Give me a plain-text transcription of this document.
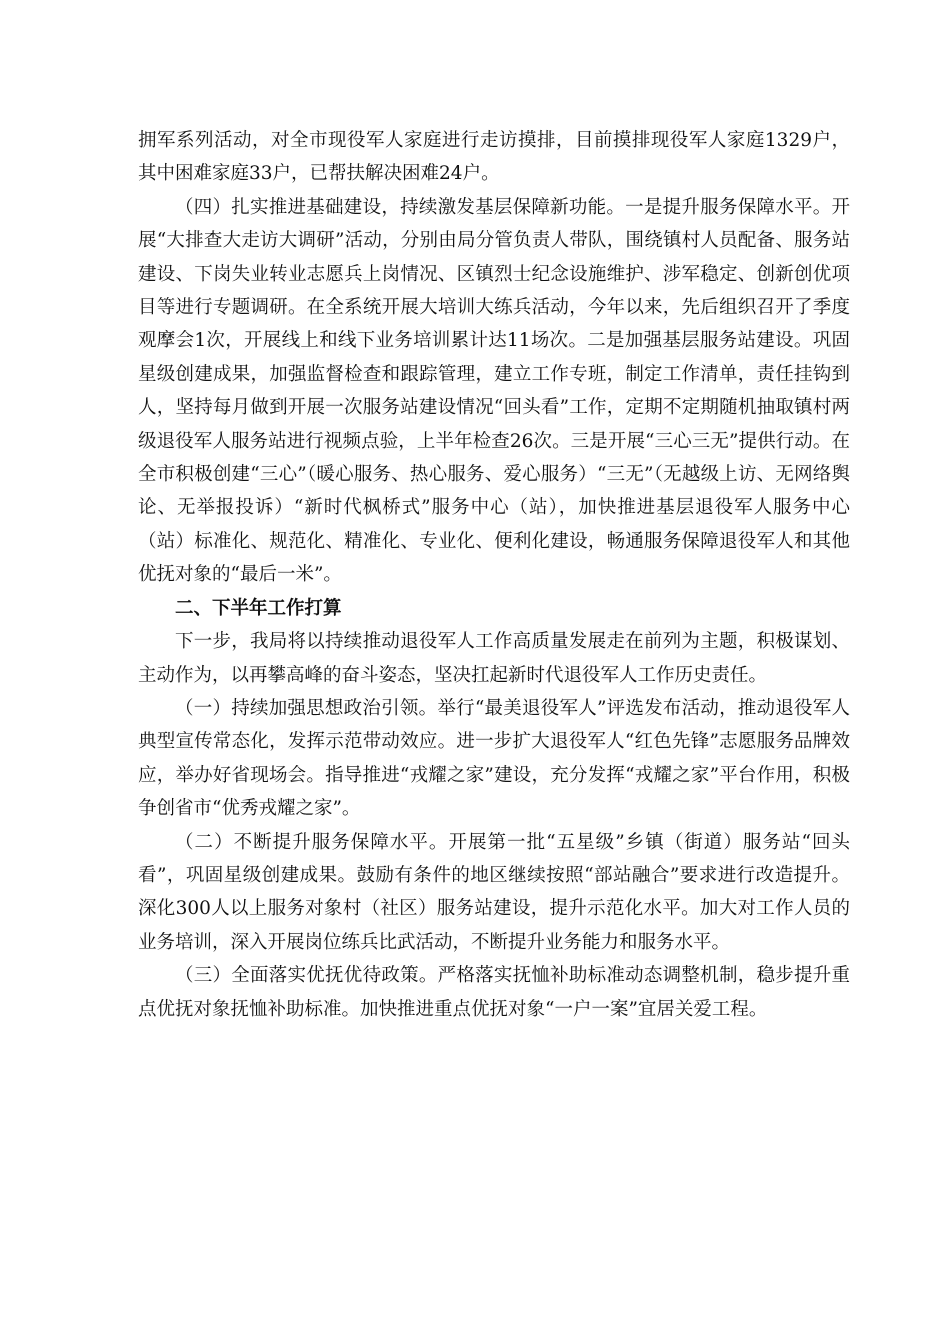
拥军系列活动，对全市现役军人家庭进行走访摸排，目前摸排现役军人家庭1329户，其中困难家庭33户，已帮扶解决困难24户。

（四）扎实推进基础建设，持续激发基层保障新功能。一是提升服务保障水平。开展“大排查大走访大调研”活动，分别由局分管负责人带队，围绕镇村人员配备、服务站建设、下岗失业转业志愿兵上岗情况、区镇烈士纪念设施维护、涉军稳定、创新创优项目等进行专题调研。在全系统开展大培训大练兵活动，今年以来，先后组织召开了季度观摩会1次，开展线上和线下业务培训累计达11场次。二是加强基层服务站建设。巩固星级创建成果，加强监督检查和跟踪管理，建立工作专班，制定工作清单，责任挂钩到人，坚持每月做到开展一次服务站建设情况“回头看”工作，定期不定期随机抽取镇村两级退役军人服务站进行视频点验，上半年检查26次。三是开展“三心三无”提供行动。在全市积极创建“三心”（暖心服务、热心服务、爱心服务）“三无”（无越级上访、无网络舆论、无举报投诉）“新时代枫桥式”服务中心（站），加快推进基层退役军人服务中心（站）标准化、规范化、精准化、专业化、便利化建设，畅通服务保障退役军人和其他优抚对象的“最后一米”。

二、下半年工作打算

下一步，我局将以持续推动退役军人工作高质量发展走在前列为主题，积极谋划、主动作为，以再攀高峰的奋斗姿态，坚决扛起新时代退役军人工作历史责任。

（一）持续加强思想政治引领。举行“最美退役军人”评选发布活动，推动退役军人典型宣传常态化，发挥示范带动效应。进一步扩大退役军人“红色先锋”志愿服务品牌效应，举办好省现场会。指导推进“戎耀之家”建设，充分发挥“戎耀之家”平台作用，积极争创省市“优秀戎耀之家”。

（二）不断提升服务保障水平。开展第一批“五星级”乡镇（街道）服务站“回头看”，巩固星级创建成果。鼓励有条件的地区继续按照“部站融合”要求进行改造提升。深化300人以上服务对象村（社区）服务站建设，提升示范化水平。加大对工作人员的业务培训，深入开展岗位练兵比武活动，不断提升业务能力和服务水平。

（三）全面落实优抚优待政策。严格落实抚恤补助标准动态调整机制，稳步提升重点优抚对象抚恤补助标准。加快推进重点优抚对象“一户一案”宜居关爱工程。
